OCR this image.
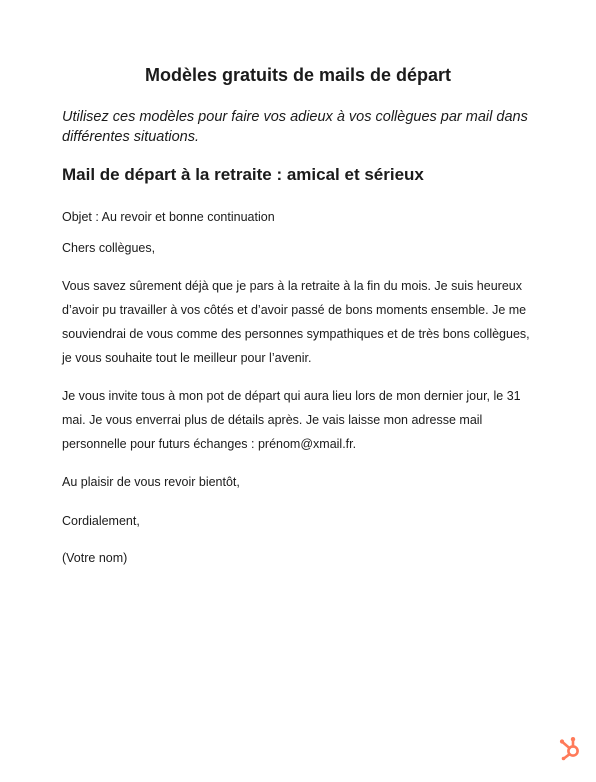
Modèles gratuits de mails de départ

Utilisez ces modèles pour faire vos adieux à vos collègues par mail dans différentes situations.

Mail de départ à la retraite : amical et sérieux

Objet : Au revoir et bonne continuation

Chers collègues,

Vous savez sûrement déjà que je pars à la retraite à la fin du mois. Je suis heureux d’avoir pu travailler à vos côtés et d’avoir passé de bons moments ensemble. Je me souviendrai de vous comme des personnes sympathiques et de très bons collègues, je vous souhaite tout le meilleur pour l’avenir.

Je vous invite tous à mon pot de départ qui aura lieu lors de mon dernier jour, le 31 mai. Je vous enverrai plus de détails après. Je vais laisse mon adresse mail personnelle pour futurs échanges : prénom@xmail.fr.

Au plaisir de vous revoir bientôt,

Cordialement,

(Votre nom)
